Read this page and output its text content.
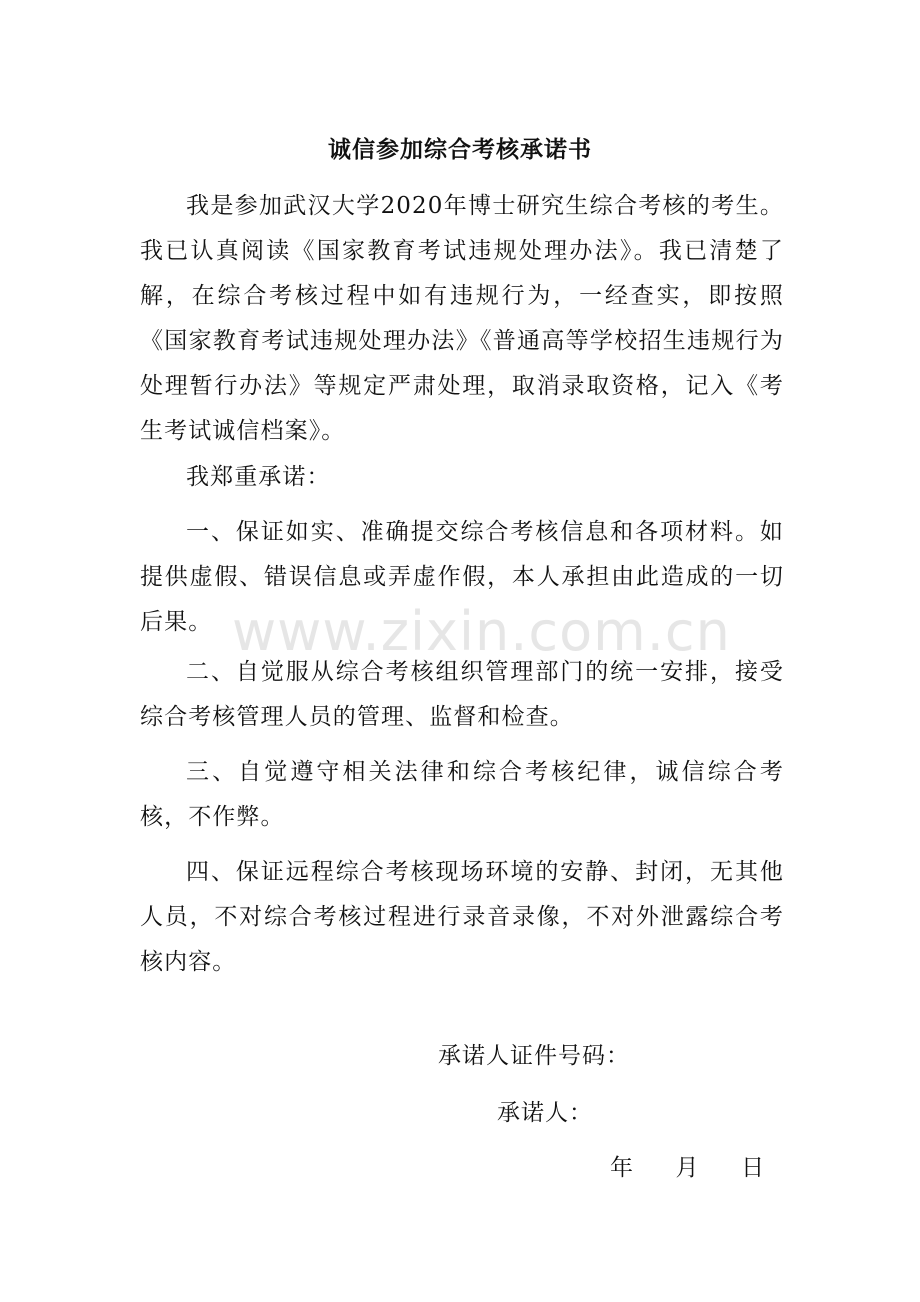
诚信参加综合考核承诺书

我是参加武汉大学2020年博士研究生综合考核的考生。我已认真阅读《国家教育考试违规处理办法》。我已清楚了解，在综合考核过程中如有违规行为，一经查实，即按照《国家教育考试违规处理办法》《普通高等学校招生违规行为处理暂行办法》等规定严肃处理，取消录取资格，记入《考生考试诚信档案》。

我郑重承诺：

一、保证如实、准确提交综合考核信息和各项材料。如提供虚假、错误信息或弄虚作假，本人承担由此造成的一切后果。

二、自觉服从综合考核组织管理部门的统一安排，接受综合考核管理人员的管理、监督和检查。

三、自觉遵守相关法律和综合考核纪律，诚信综合考核，不作弊。

四、保证远程综合考核现场环境的安静、封闭，无其他人员，不对综合考核过程进行录音录像，不对外泄露综合考核内容。

www.zixin.com.cn
承诺人证件号码：
承诺人：
年     月     日
